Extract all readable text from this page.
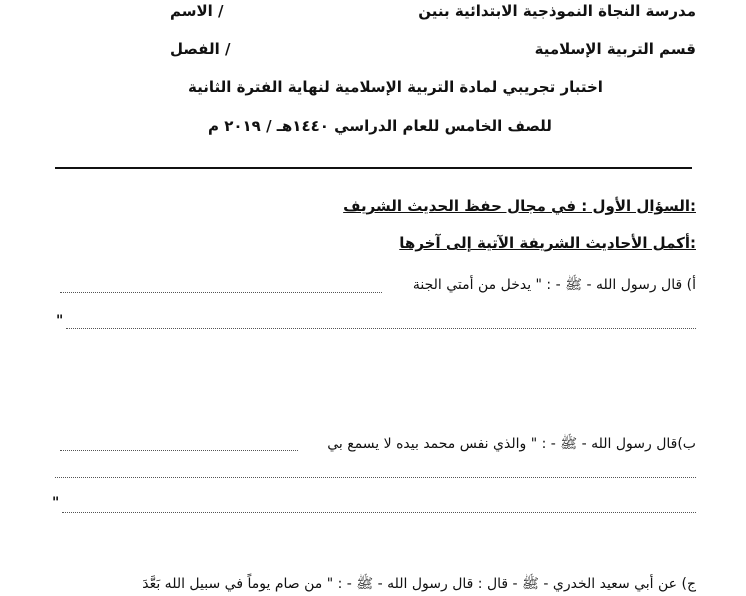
مدرسة النجاة النموذجية الابتدائية بنين
الاسم /
قسم التربية الإسلامية
الفصل /
اختبار تجريبي لمادة التربية الإسلامية لنهاية الفترة الثانية
للصف الخامس للعام الدراسي ١٤٤٠هـ / ٢٠١٩ م
السؤال الأول : في مجال حفظ الحديث الشريف:
أكمل الأحاديث الشريفة الآتية إلى آخرها:
أ) قال رسول الله - ﷺ - : " يدخل من أمتي الجنة
"
ب)قال رسول الله - ﷺ - : " والذي نفس محمد بيده لا يسمع بي
"
ج) عن أبي سعيد الخدري - ﷺ - قال : قال رسول الله - ﷺ - : " من صام يوماً في سبيل الله بَعَّدَ
